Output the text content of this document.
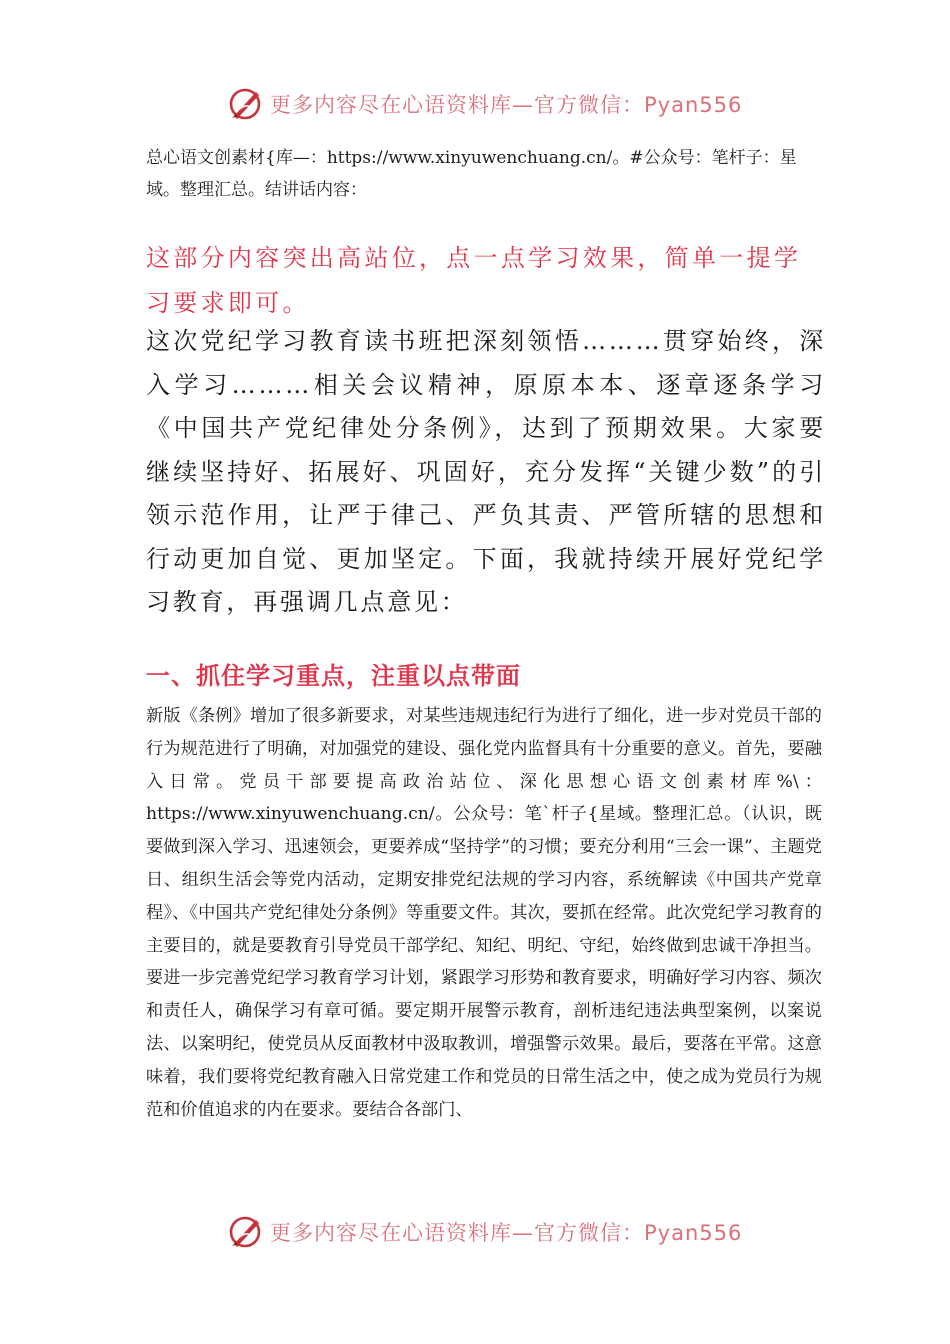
更多内容尽在心语资料库—官方微信：Pyan556

总心语文创素材{库—：https://www.xinyuwenchuang.cn/。#公众号：笔杆子：星域。整理汇总。结讲话内容：

这部分内容突出高站位，点一点学习效果，简单一提学习要求即可。

这次党纪学习教育读书班把深刻领悟………贯穿始终，深入学习………相关会议精神，原原本本、逐章逐条学习《中国共产党纪律处分条例》，达到了预期效果。大家要继续坚持好、拓展好、巩固好，充分发挥“关键少数”的引领示范作用，让严于律己、严负其责、严管所辖的思想和行动更加自觉、更加坚定。下面，我就持续开展好党纪学习教育，再强调几点意见：

一、抓住学习重点，注重以点带面

新版《条例》增加了很多新要求，对某些违规违纪行为进行了细化，进一步对党员干部的行为规范进行了明确，对加强党的建设、强化党内监督具有十分重要的意义。首先，要融入日常。党员干部要提高政治站位、深化思想心语文创素材库%\：https://www.xinyuwenchuang.cn/。公众号：笔`杆子{星域。整理汇总。（认识，既要做到深入学习、迅速领会，更要养成“坚持学”的习惯；要充分利用“三会一课”、主题党日、组织生活会等党内活动，定期安排党纪法规的学习内容，系统解读《中国共产党章程》、《中国共产党纪律处分条例》等重要文件。其次，要抓在经常。此次党纪学习教育的主要目的，就是要教育引导党员干部学纪、知纪、明纪、守纪，始终做到忠诚干净担当。要进一步完善党纪学习教育学习计划，紧跟学习形势和教育要求，明确好学习内容、频次和责任人，确保学习有章可循。要定期开展警示教育，剖析违纪违法典型案例，以案说法、以案明纪，使党员从反面教材中汲取教训，增强警示效果。最后，要落在平常。这意味着，我们要将党纪教育融入日常党建工作和党员的日常生活之中，使之成为党员行为规范和价值追求的内在要求。要结合各部门、

更多内容尽在心语资料库—官方微信：Pyan556
